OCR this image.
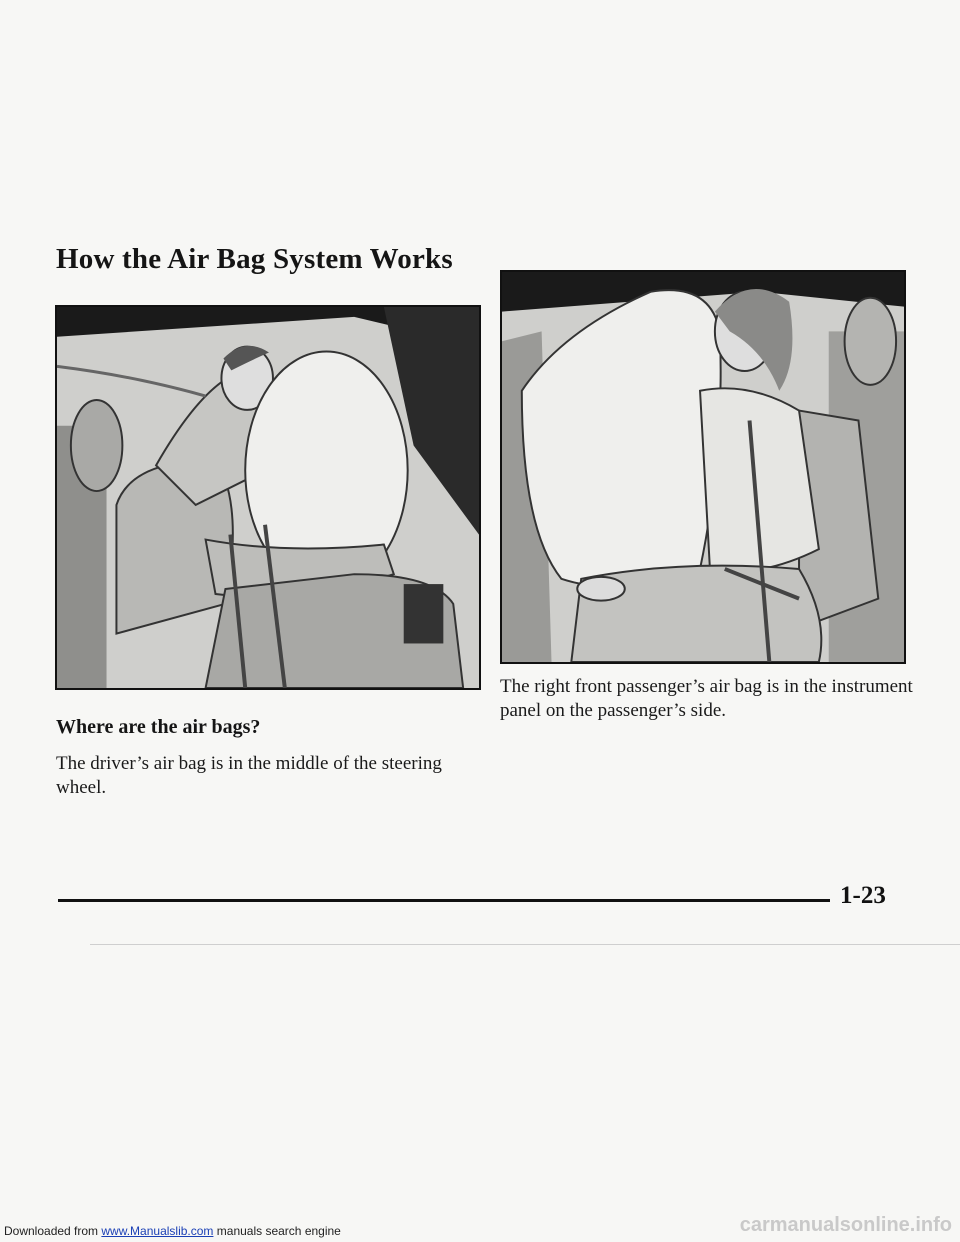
How the Air Bag System Works
Where are the air bags?

The driver’s air bag is in the middle of the steering wheel.

The right front passenger’s air bag is in the instrument panel on the passenger’s side.

1-23
Downloaded from www.Manualslib.com manuals search engine	carmanualsonline.info
